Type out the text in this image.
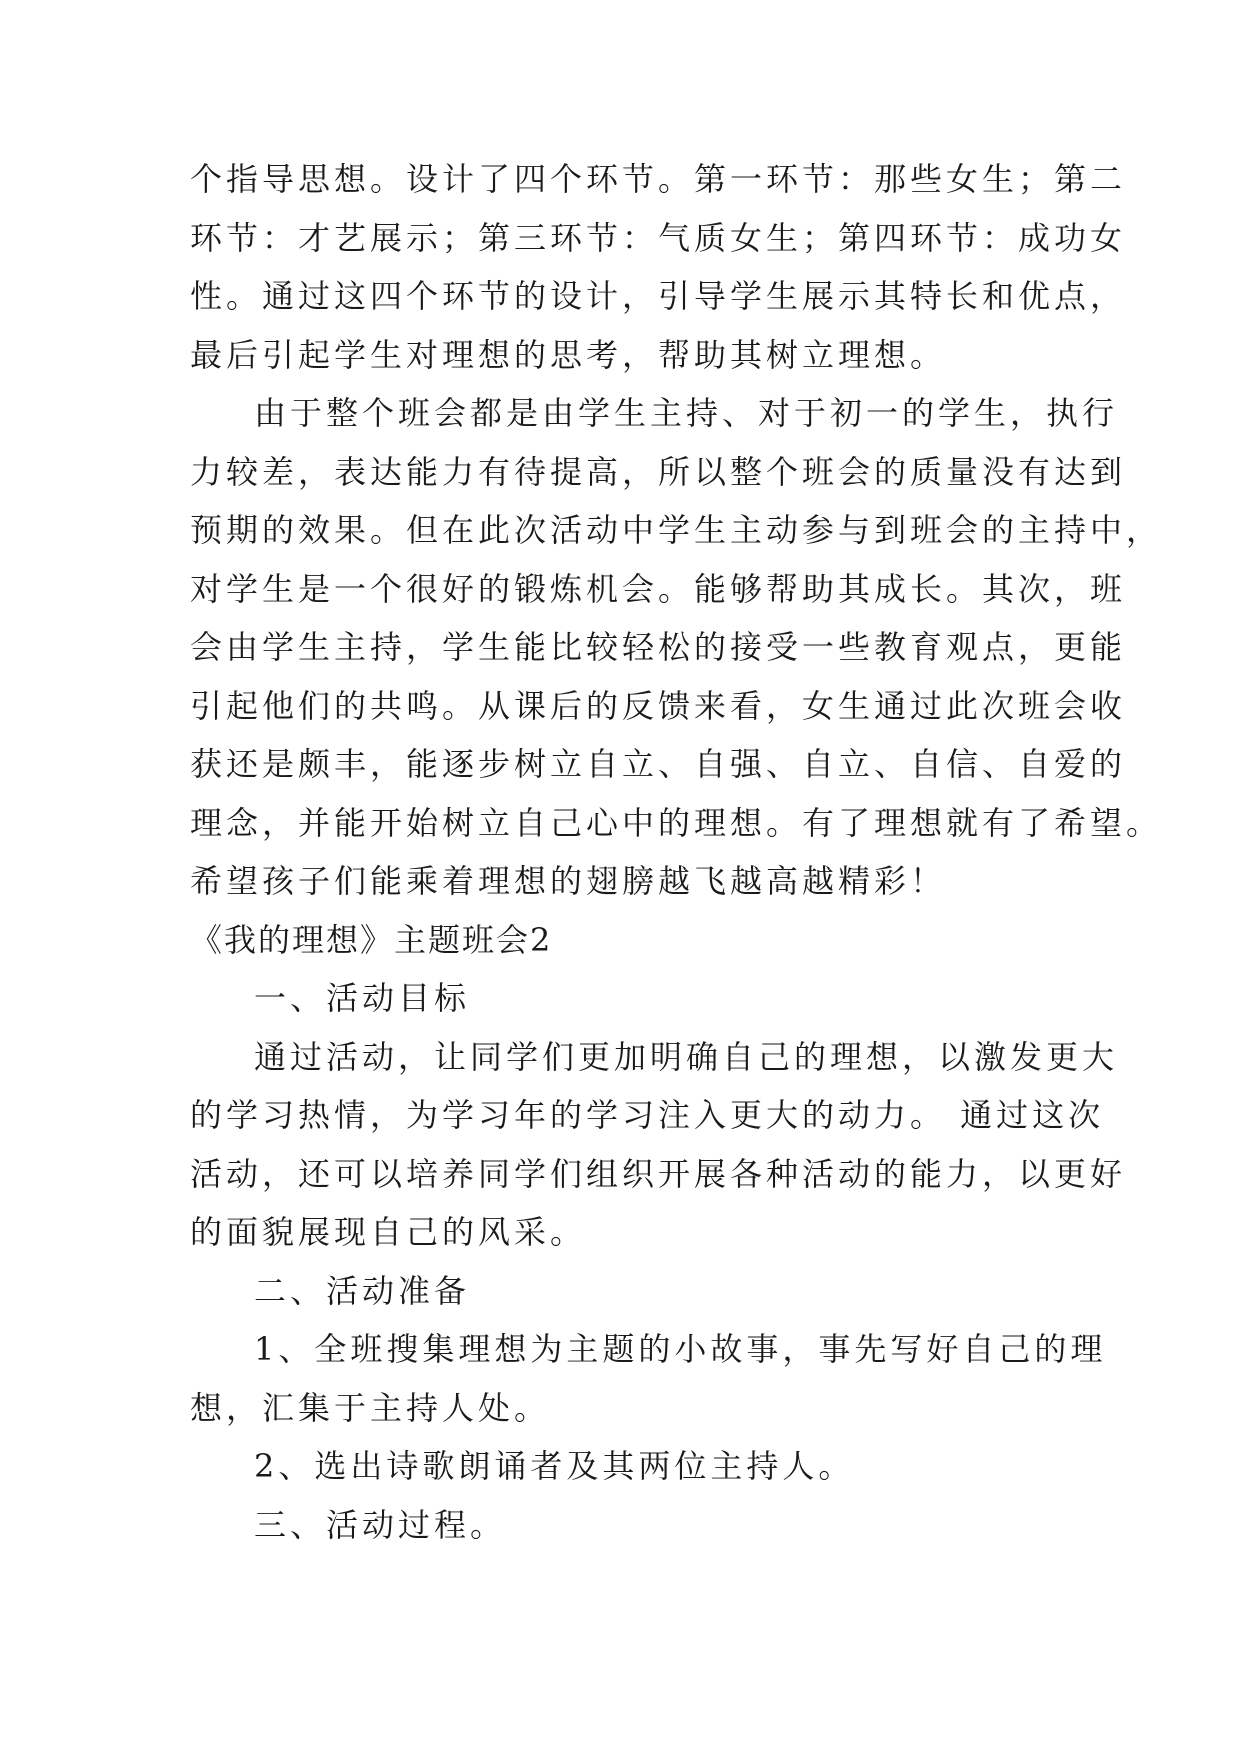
个指导思想。设计了四个环节。第一环节：那些女生；第二
环节：才艺展示；第三环节：气质女生；第四环节：成功女
性。通过这四个环节的设计，引导学生展示其特长和优点，
最后引起学生对理想的思考，帮助其树立理想。
由于整个班会都是由学生主持、对于初一的学生，执行
力较差，表达能力有待提高，所以整个班会的质量没有达到
预期的效果。但在此次活动中学生主动参与到班会的主持中，
对学生是一个很好的锻炼机会。能够帮助其成长。其次，班
会由学生主持，学生能比较轻松的接受一些教育观点，更能
引起他们的共鸣。从课后的反馈来看，女生通过此次班会收
获还是颇丰，能逐步树立自立、自强、自立、自信、自爱的
理念，并能开始树立自己心中的理想。有了理想就有了希望。
希望孩子们能乘着理想的翅膀越飞越高越精彩！
《我的理想》主题班会2
一、活动目标
通过活动，让同学们更加明确自己的理想，以激发更大
的学习热情，为学习年的学习注入更大的动力。 通过这次
活动，还可以培养同学们组织开展各种活动的能力，以更好
的面貌展现自己的风采。
二、活动准备
1、全班搜集理想为主题的小故事，事先写好自己的理
想，汇集于主持人处。
2、选出诗歌朗诵者及其两位主持人。
三、活动过程。
